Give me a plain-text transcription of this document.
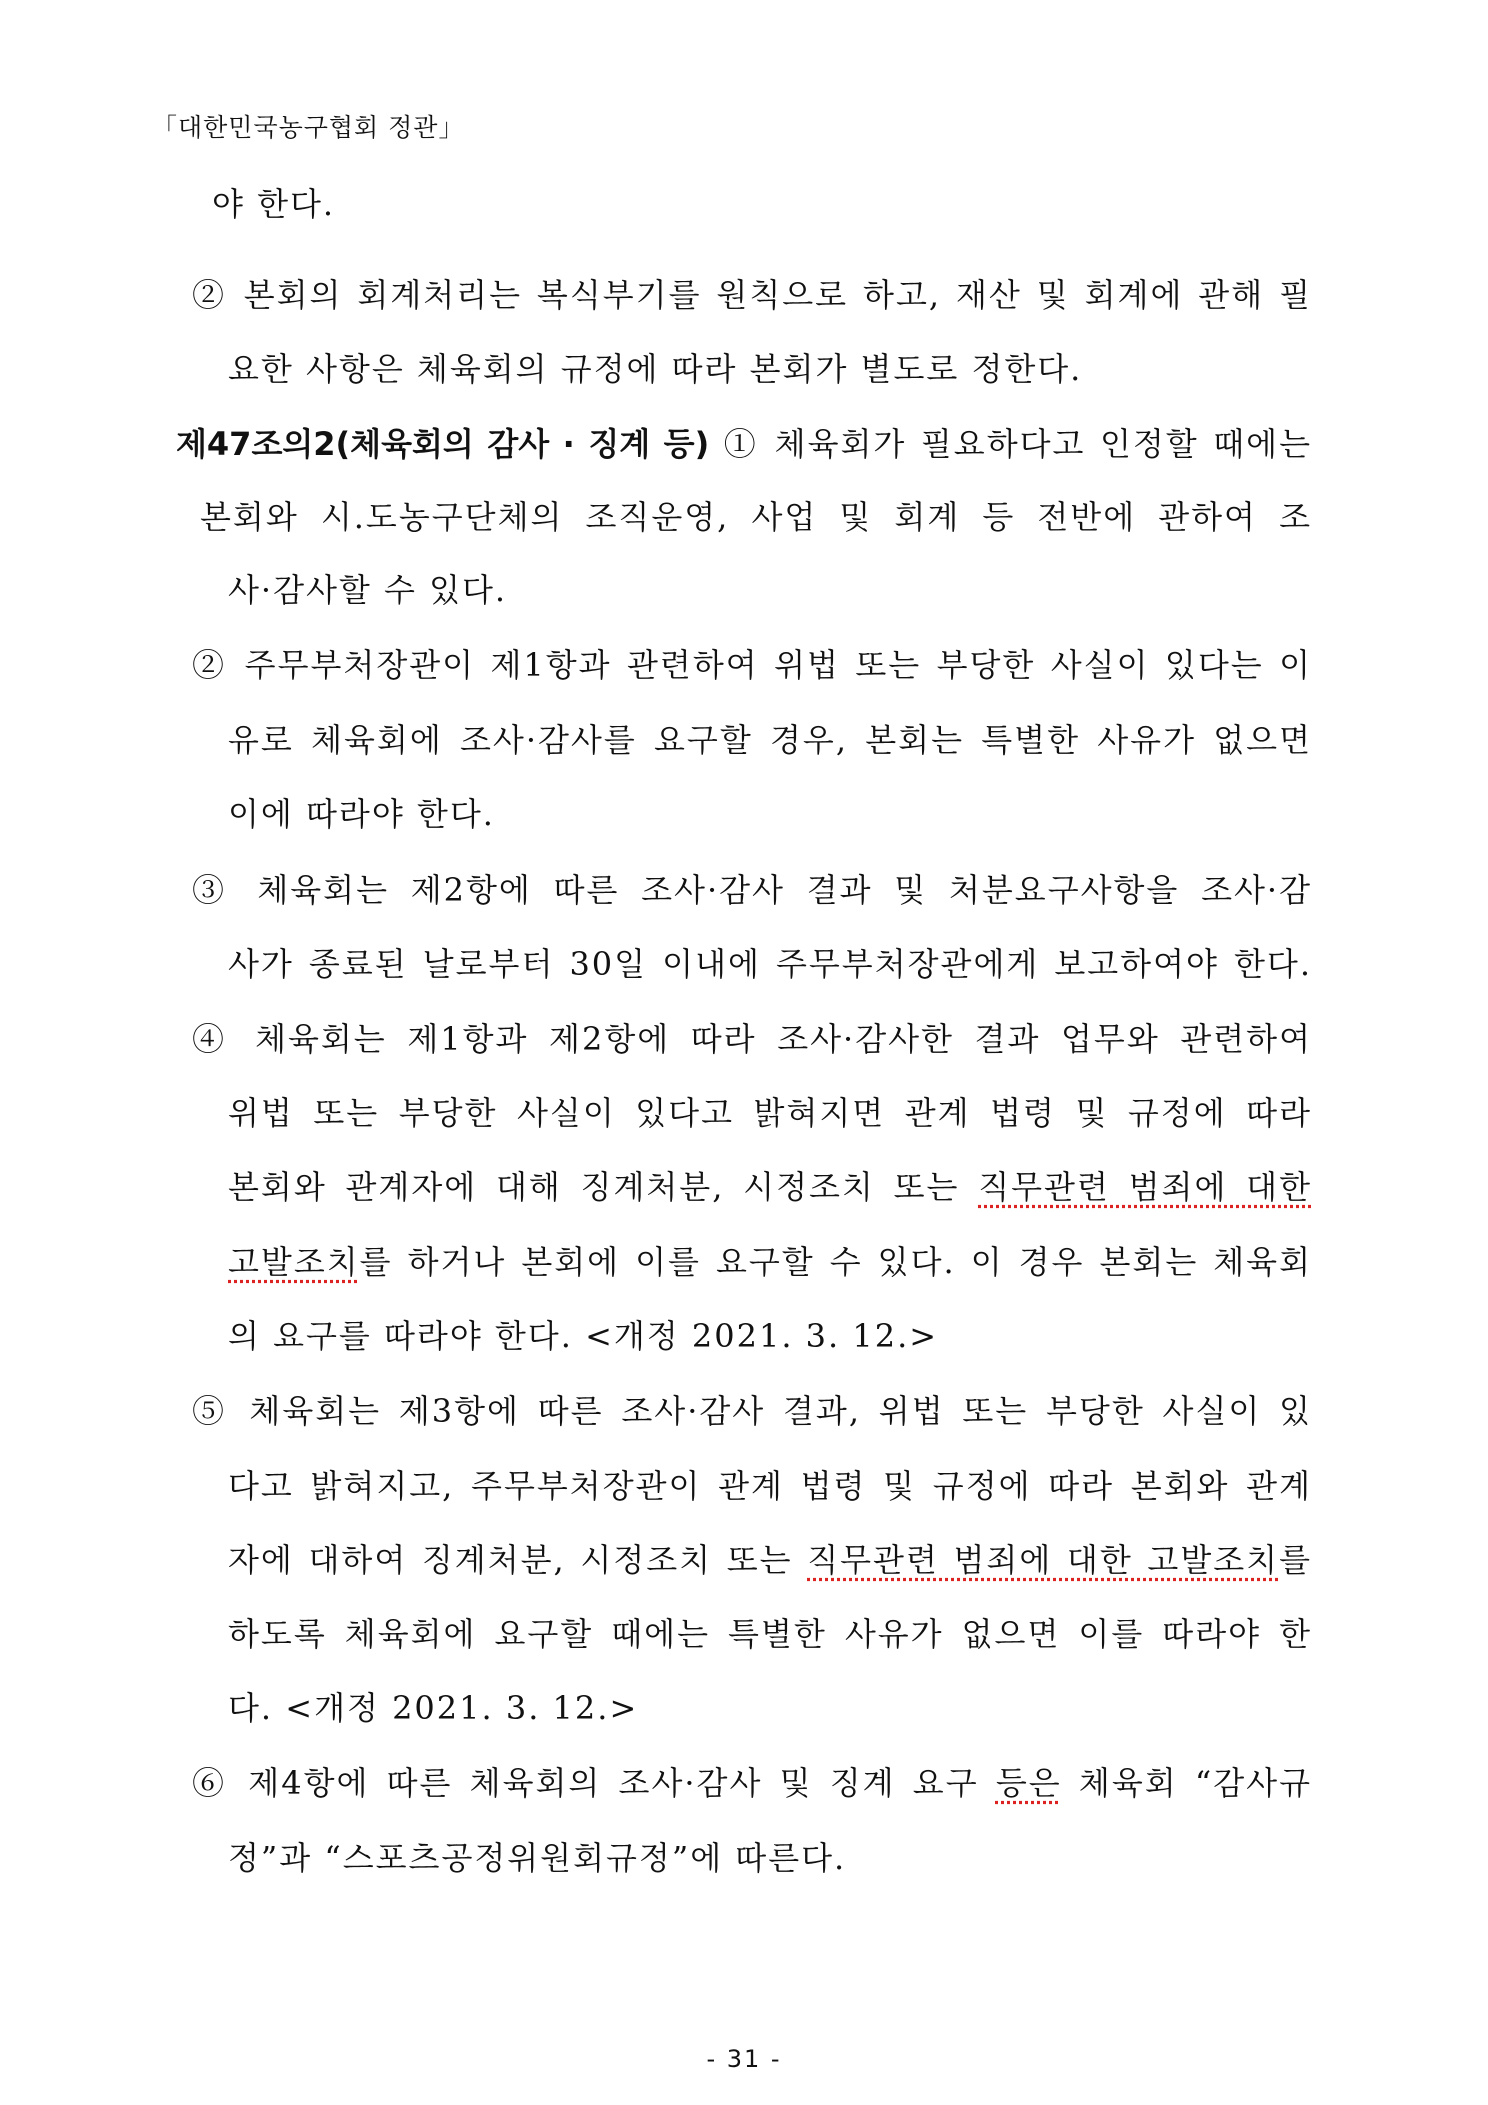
「대한민국농구협회 정관」
야 한다.
② 본회의 회계처리는 복식부기를 원칙으로 하고, 재산 및 회계에 관해 필
요한 사항은 체육회의 규정에 따라 본회가 별도로 정한다.
제47조의2(체육회의 감사 · 징계 등) ① 체육회가 필요하다고 인정할 때에는
본회와 시.도농구단체의 조직운영, 사업 및 회계 등 전반에 관하여 조
사·감사할 수 있다.
② 주무부처장관이 제1항과 관련하여 위법 또는 부당한 사실이 있다는 이
유로 체육회에 조사·감사를 요구할 경우, 본회는 특별한 사유가 없으면
이에 따라야 한다.
③ 체육회는 제2항에 따른 조사·감사 결과 및 처분요구사항을 조사·감
사가 종료된 날로부터 30일 이내에 주무부처장관에게 보고하여야 한다.
④ 체육회는 제1항과 제2항에 따라 조사·감사한 결과 업무와 관련하여
위법 또는 부당한 사실이 있다고 밝혀지면 관계 법령 및 규정에 따라
본회와 관계자에 대해 징계처분, 시정조치 또는 직무관련 범죄에 대한
고발조치를 하거나 본회에 이를 요구할 수 있다. 이 경우 본회는 체육회
의 요구를 따라야 한다. <개정 2021. 3. 12.>
⑤ 체육회는 제3항에 따른 조사·감사 결과, 위법 또는 부당한 사실이 있
다고 밝혀지고, 주무부처장관이 관계 법령 및 규정에 따라 본회와 관계
자에 대하여 징계처분, 시정조치 또는 직무관련 범죄에 대한 고발조치를
하도록 체육회에 요구할 때에는 특별한 사유가 없으면 이를 따라야 한
다. <개정 2021. 3. 12.>
⑥ 제4항에 따른 체육회의 조사·감사 및 징계 요구 등은 체육회 “감사규
정”과 “스포츠공정위원회규정”에 따른다.
- 31 -
